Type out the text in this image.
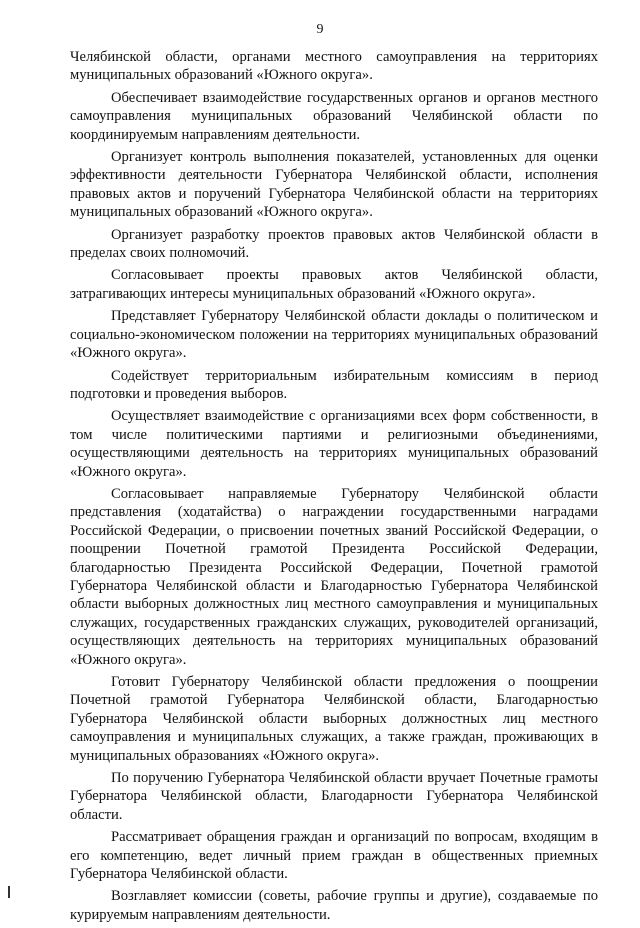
9

Челябинской области, органами местного самоуправления на территориях муниципальных образований «Южного округа».

Обеспечивает взаимодействие государственных органов и органов местного самоуправления муниципальных образований Челябинской области по координируемым направлениям деятельности.

Организует контроль выполнения показателей, установленных для оценки эффективности деятельности Губернатора Челябинской области, исполнения правовых актов и поручений Губернатора Челябинской области на территориях муниципальных образований «Южного округа».

Организует разработку проектов правовых актов Челябинской области в пределах своих полномочий.

Согласовывает проекты правовых актов Челябинской области, затрагивающих интересы муниципальных образований «Южного округа».

Представляет Губернатору Челябинской области доклады о политическом и социально-экономическом положении на территориях муниципальных образований «Южного округа».

Содействует территориальным избирательным комиссиям в период подготовки и проведения выборов.

Осуществляет взаимодействие с организациями всех форм собственности, в том числе политическими партиями и религиозными объединениями, осуществляющими деятельность на территориях муниципальных образований «Южного округа».

Согласовывает направляемые Губернатору Челябинской области представления (ходатайства) о награждении государственными наградами Российской Федерации, о присвоении почетных званий Российской Федерации, о поощрении Почетной грамотой Президента Российской Федерации, благодарностью Президента Российской Федерации, Почетной грамотой Губернатора Челябинской области и Благодарностью Губернатора Челябинской области выборных должностных лиц местного самоуправления и муниципальных служащих, государственных гражданских служащих, руководителей организаций, осуществляющих деятельность на территориях муниципальных образований «Южного округа».

Готовит Губернатору Челябинской области предложения о поощрении Почетной грамотой Губернатора Челябинской области, Благодарностью Губернатора Челябинской области выборных должностных лиц местного самоуправления и муниципальных служащих, а также граждан, проживающих в муниципальных образованиях «Южного округа».

По поручению Губернатора Челябинской области вручает Почетные грамоты Губернатора Челябинской области, Благодарности Губернатора Челябинской области.

Рассматривает обращения граждан и организаций по вопросам, входящим в его компетенцию, ведет личный прием граждан в общественных приемных Губернатора Челябинской области.

Возглавляет комиссии (советы, рабочие группы и другие), создаваемые по курируемым направлениям деятельности.
